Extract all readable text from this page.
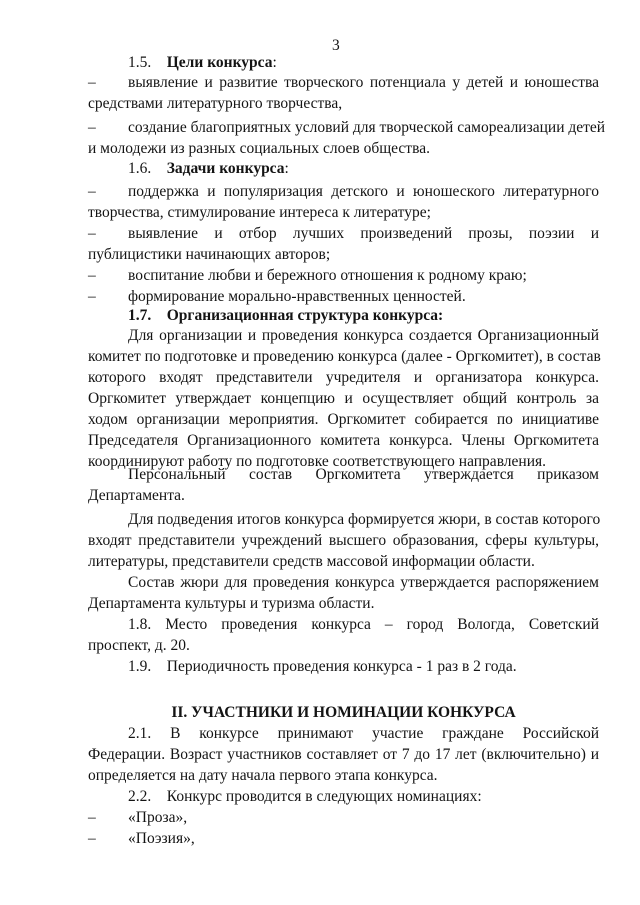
3
1.5. Цели конкурса:
– выявление и развитие творческого потенциала у детей и юношества
средствами литературного творчества,
– создание благоприятных условий для творческой самореализации детей
и молодежи из разных социальных слоев общества.
1.6. Задачи конкурса:
– поддержка и популяризация детского и юношеского литературного
творчества, стимулирование интереса к литературе;
– выявление и отбор лучших произведений прозы, поэзии и
публицистики начинающих авторов;
– воспитание любви и бережного отношения к родному краю;
– формирование морально-нравственных ценностей.
1.7. Организационная структура конкурса:
Для организации и проведения конкурса создается Организационный
комитет по подготовке и проведению конкурса (далее - Оргкомитет), в состав
которого входят представители учредителя и организатора конкурса.
Оргкомитет утверждает концепцию и осуществляет общий контроль за
ходом организации мероприятия. Оргкомитет собирается по инициативе
Председателя Организационного комитета конкурса. Члены Оргкомитета
координируют работу по подготовке соответствующего направления.
Персональный состав Оргкомитета утверждается приказом
Департамента.
Для подведения итогов конкурса формируется жюри, в состав которого
входят представители учреждений высшего образования, сферы культуры,
литературы, представители средств массовой информации области.
Состав жюри для проведения конкурса утверждается распоряжением
Департамента культуры и туризма области.
1.8. Место проведения конкурса – город Вологда, Советский
проспект, д. 20.
1.9. Периодичность проведения конкурса - 1 раз в 2 года.
II. УЧАСТНИКИ И НОМИНАЦИИ КОНКУРСА
2.1. В конкурсе принимают участие граждане Российской
Федерации. Возраст участников составляет от 7 до 17 лет (включительно) и
определяется на дату начала первого этапа конкурса.
2.2. Конкурс проводится в следующих номинациях:
– «Проза»,
– «Поэзия»,
